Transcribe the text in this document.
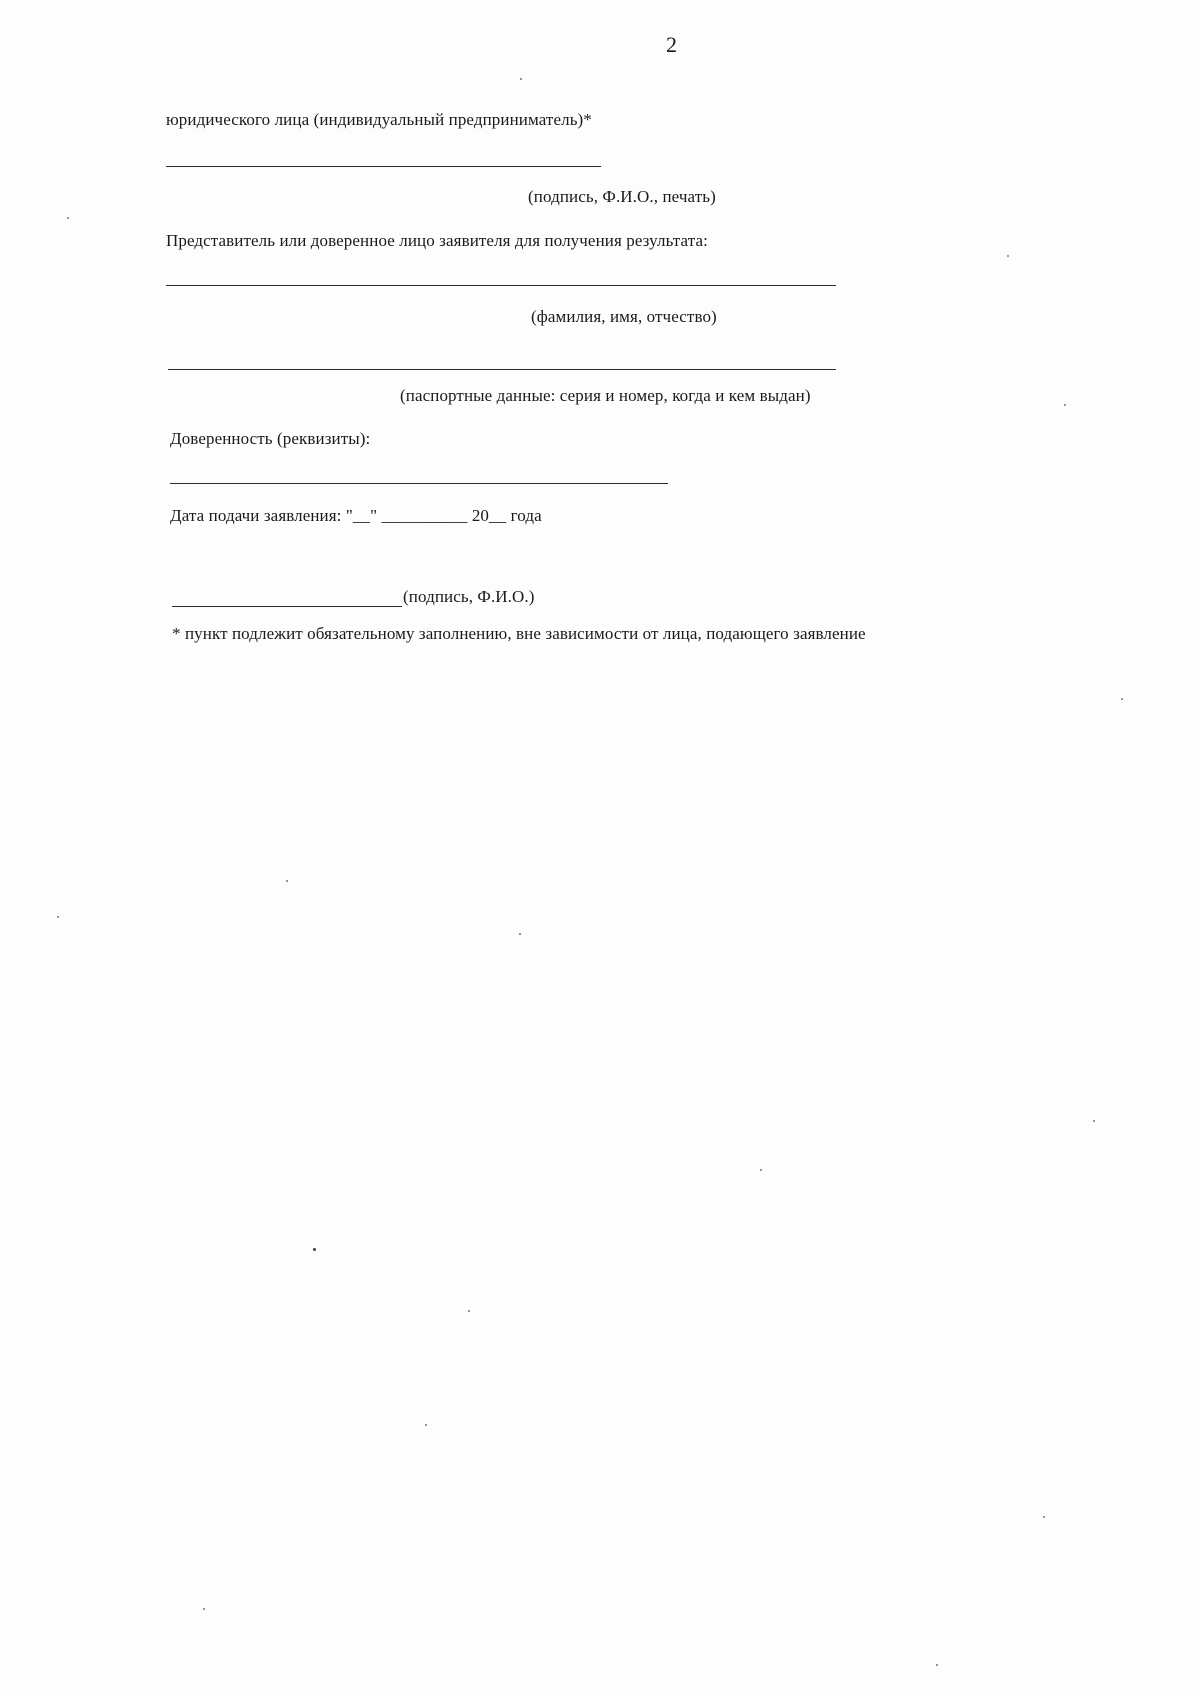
2
юридического лица (индивидуальный предприниматель)*
(подпись, Ф.И.О., печать)
Представитель или доверенное лицо заявителя для получения результата:
(фамилия, имя, отчество)
(паспортные данные: серия и номер, когда и кем выдан)
Доверенность (реквизиты):
Дата подачи заявления: "__" __________ 20__ года
(подпись, Ф.И.О.)
* пункт подлежит обязательному заполнению, вне зависимости от лица, подающего заявление
